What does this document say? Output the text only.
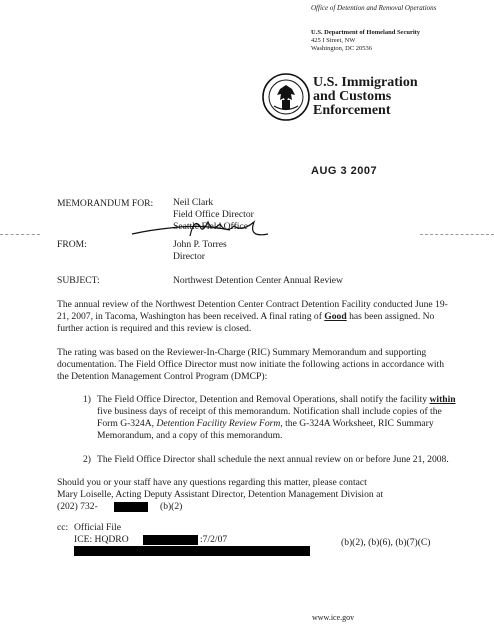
Office of Detention and Removal Operations
U.S. Department of Homeland Security
425 I Street, NW
Washington, DC 20536
U.S. Immigration
and Customs
Enforcement
AUG 3 2007
MEMORANDUM FOR: Neil Clark
Field Office Director
Seattle Field Office
FROM:	John P. Torres
Director
SUBJECT:	Northwest Detention Center Annual Review
The annual review of the Northwest Detention Center Contract Detention Facility conducted June 19-21, 2007, in Tacoma, Washington has been received. A final rating of Good has been assigned. No further action is required and this review is closed.
The rating was based on the Reviewer-In-Charge (RIC) Summary Memorandum and supporting documentation. The Field Office Director must now initiate the following actions in accordance with the Detention Management Control Program (DMCP):
1) The Field Office Director, Detention and Removal Operations, shall notify the facility within five business days of receipt of this memorandum. Notification shall include copies of the Form G-324A, Detention Facility Review Form, the G-324A Worksheet, RIC Summary Memorandum, and a copy of this memorandum.
2) The Field Office Director shall schedule the next annual review on or before June 21, 2008.
Should you or your staff have any questions regarding this matter, please contact
Mary Loiselle, Acting Deputy Assistant Director, Detention Management Division at
(202) 732-	(b)(2)
cc: Official File
ICE: HQDRO	:7/2/07	(b)(2), (b)(6), (b)(7)(C)
www.ice.gov
